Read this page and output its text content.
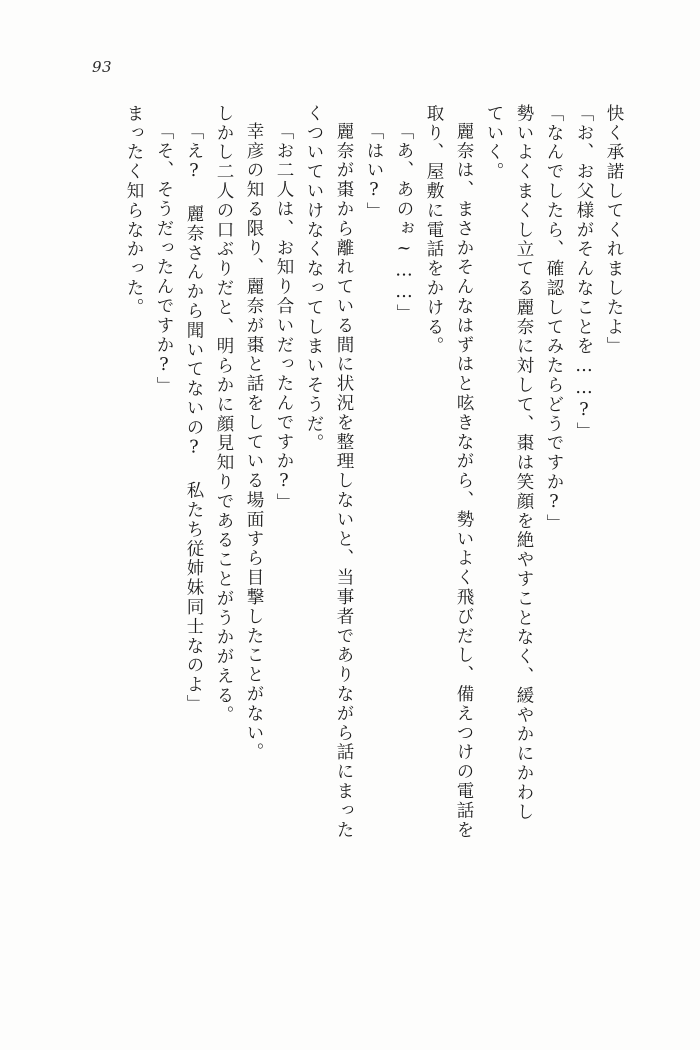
93
快く承諾してくれましたよ」
「お、お父様がそんなことを……?」
「なんでしたら、確認してみたらどうですか?」
勢いよくまくし立てる麗奈に対して、棗は笑顔を絶やすことなく、緩やかにかわし
ていく。
麗奈は、まさかそんなはずはと呟きながら、勢いよく飛びだし、備えつけの電話を
取り、屋敷に電話をかける。
「あ、あのぉ~……」
「はい?」
麗奈が棗から離れている間に状況を整理しないと、当事者でありながら話にまった
くついていけなくなってしまいそうだ。
「お二人は、お知り合いだったんですか?」
幸彦の知る限り、麗奈が棗と話をしている場面すら目撃したことがない。
しかし二人の口ぶりだと、明らかに顔見知りであることがうかがえる。
「え? 麗奈さんから聞いてないの? 私たち従姉妹同士なのよ」
「そ、そうだったんですか?」
まったく知らなかった。
